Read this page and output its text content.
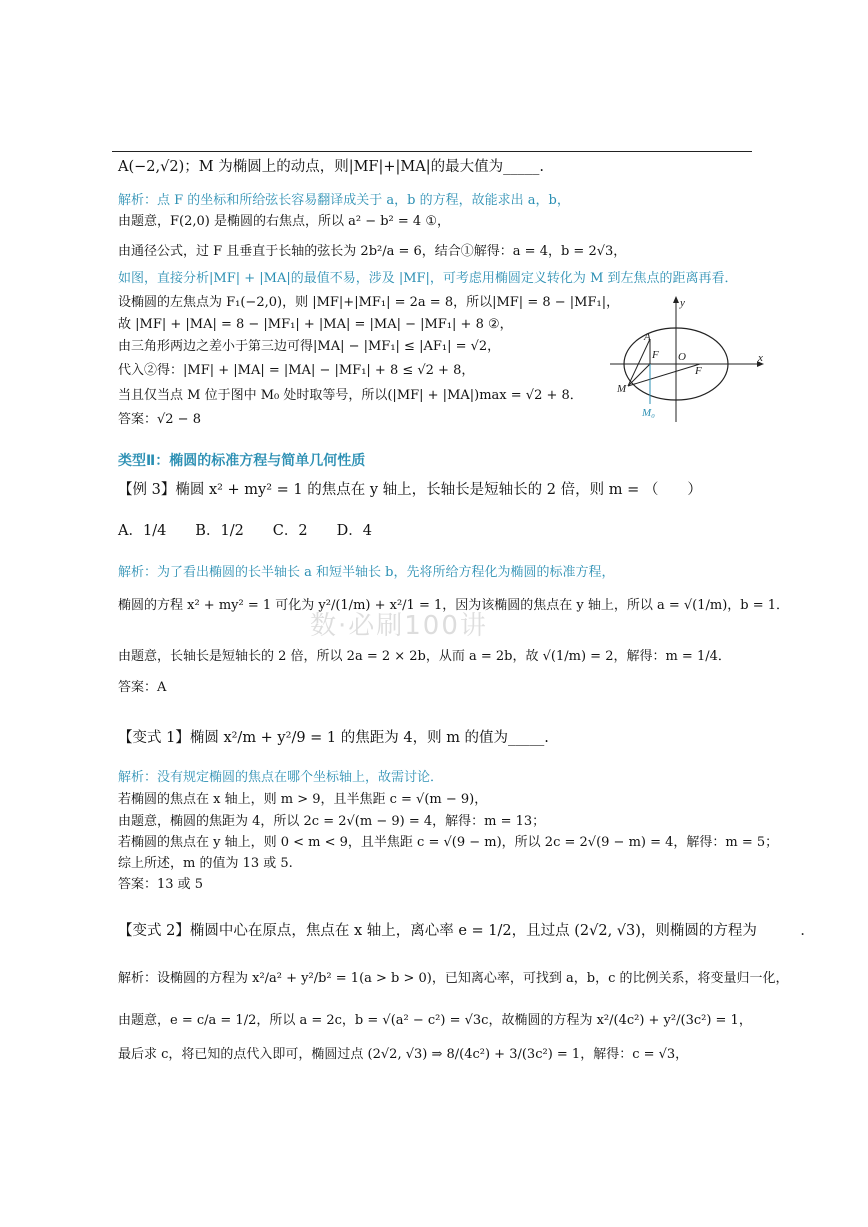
A(−2,√2)；M 为椭圆上的动点，则|MF|+|MA|的最大值为_____.
解析：点 F 的坐标和所给弦长容易翻译成关于 a，b 的方程，故能求出 a，b，
由题意，F(2,0) 是椭圆的右焦点，所以 a² − b² = 4 ①，
由通径公式，过 F 且垂直于长轴的弦长为 2b²/a = 6，结合①解得：a = 4，b = 2√3，
如图，直接分析|MF| + |MA|的最值不易，涉及 |MF|，可考虑用椭圆定义转化为 M 到左焦点的距离再看．
设椭圆的左焦点为 F₁(−2,0)，则 |MF|+|MF₁| = 2a = 8，所以|MF| = 8 − |MF₁|，
故 |MF| + |MA| = 8 − |MF₁| + |MA| = |MA| − |MF₁| + 8 ②，
由三角形两边之差小于第三边可得|MA| − |MF₁| ≤ |AF₁| = √2，
代入②得：|MF| + |MA| = |MA| − |MF₁| + 8 ≤ √2 + 8，
当且仅当点 M 位于图中 M₀ 处时取等号，所以(|MF| + |MA|)max = √2 + 8．
答案：√2 − 8
y
x
A
F O
F
M
M₀
类型Ⅱ：椭圆的标准方程与简单几何性质
【例 3】椭圆 x² + my² = 1 的焦点在 y 轴上，长轴长是短轴长的 2 倍，则 m = （　　）
A．1/4　　B．1/2　　C．2　　D．4
解析：为了看出椭圆的长半轴长 a 和短半轴长 b，先将所给方程化为椭圆的标准方程，
椭圆的方程 x² + my² = 1 可化为 y²/(1/m) + x²/1 = 1，因为该椭圆的焦点在 y 轴上，所以 a = √(1/m)，b = 1．
数·必刷100讲
由题意，长轴长是短轴长的 2 倍，所以 2a = 2 × 2b，从而 a = 2b，故 √(1/m) = 2，解得：m = 1/4．
答案：A
【变式 1】椭圆 x²/m + y²/9 = 1 的焦距为 4，则 m 的值为_____.
解析：没有规定椭圆的焦点在哪个坐标轴上，故需讨论．
若椭圆的焦点在 x 轴上，则 m > 9，且半焦距 c = √(m − 9)，
由题意，椭圆的焦距为 4，所以 2c = 2√(m − 9) = 4，解得：m = 13；
若椭圆的焦点在 y 轴上，则 0 < m < 9，且半焦距 c = √(9 − m)，所以 2c = 2√(9 − m) = 4，解得：m = 5；
综上所述，m 的值为 13 或 5.
答案：13 或 5
【变式 2】椭圆中心在原点，焦点在 x 轴上，离心率 e = 1/2，且过点 (2√2, √3)，则椭圆的方程为　　　．
解析：设椭圆的方程为 x²/a² + y²/b² = 1(a > b > 0)，已知离心率，可找到 a，b，c 的比例关系，将变量归一化，
由题意，e = c/a = 1/2，所以 a = 2c，b = √(a² − c²) = √3c，故椭圆的方程为 x²/(4c²) + y²/(3c²) = 1，
最后求 c，将已知的点代入即可，椭圆过点 (2√2, √3) ⇒ 8/(4c²) + 3/(3c²) = 1，解得：c = √3，
